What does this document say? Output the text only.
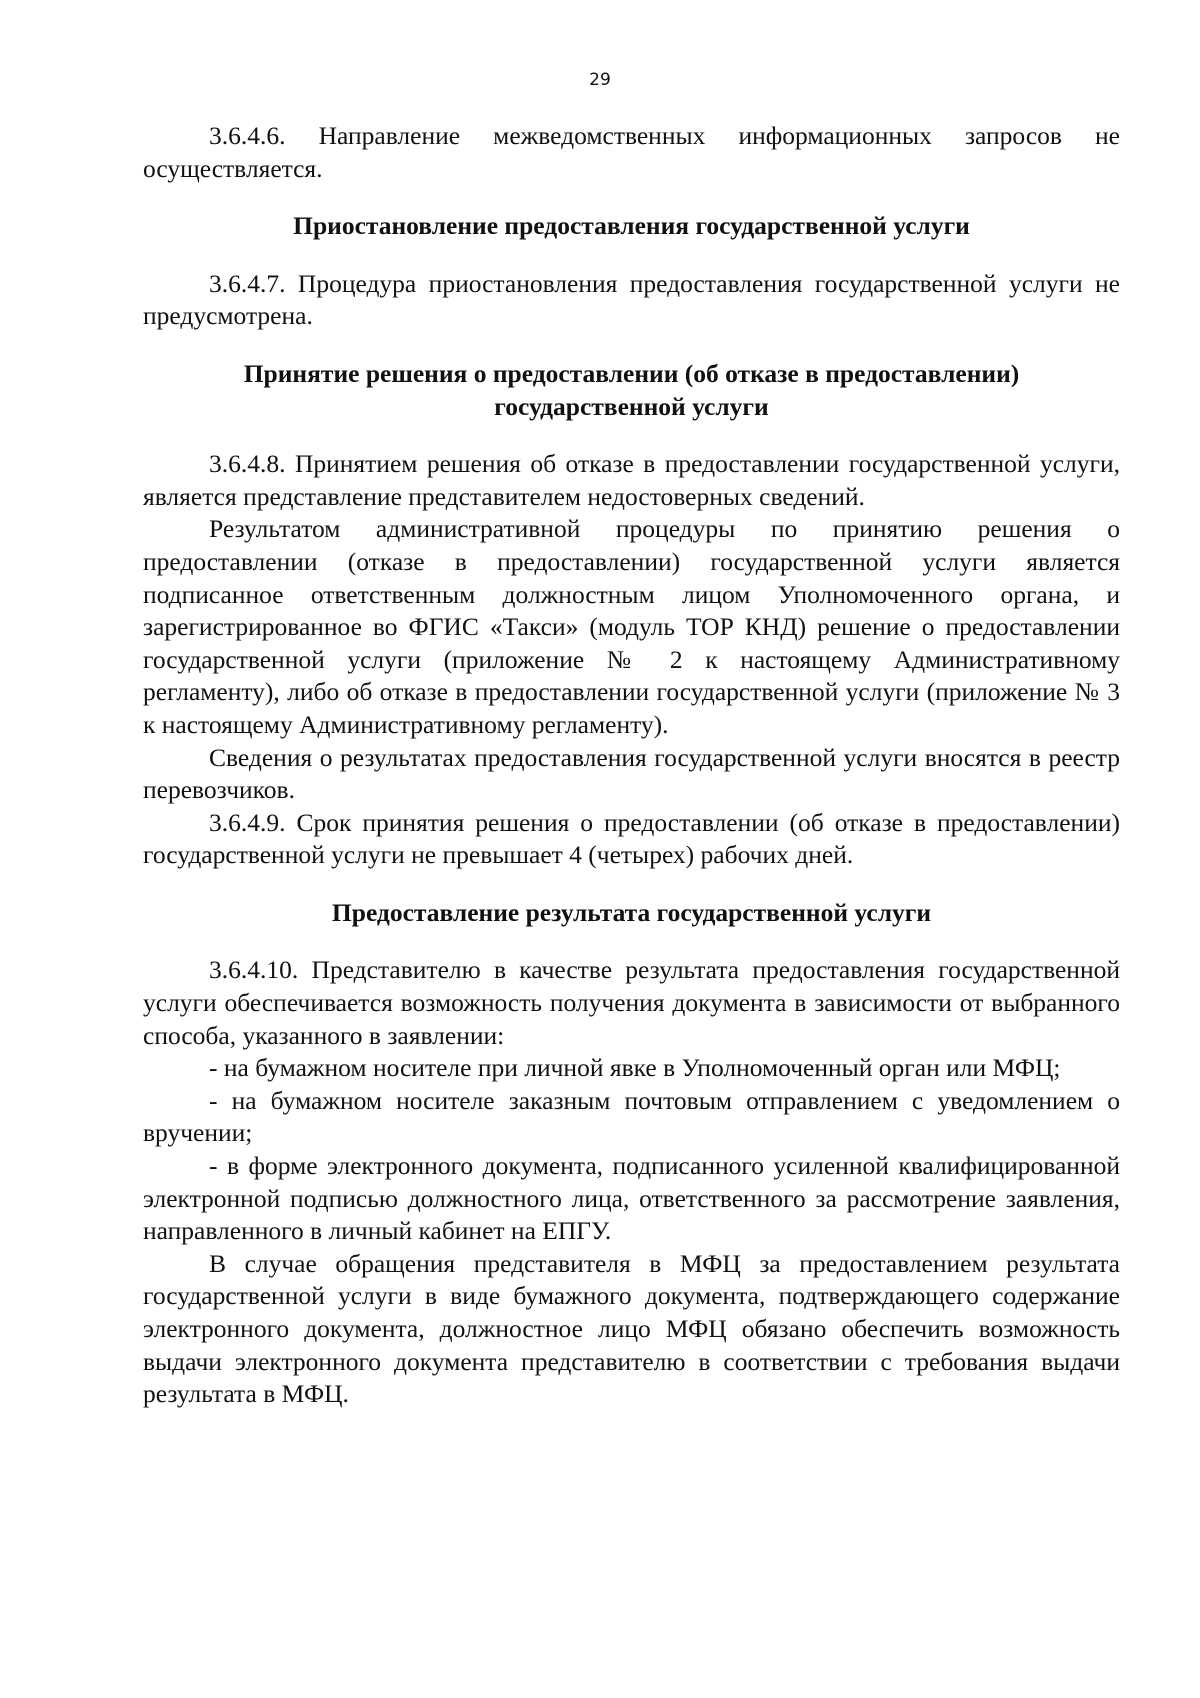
29

3.6.4.6. Направление межведомственных информационных запросов не осуществляется.

Приостановление предоставления государственной услуги

3.6.4.7. Процедура приостановления предоставления государственной услуги не предусмотрена.

Принятие решения о предоставлении (об отказе в предоставлении) государственной услуги

3.6.4.8. Принятием решения об отказе в предоставлении государственной услуги, является представление представителем недостоверных сведений.

Результатом административной процедуры по принятию решения о предоставлении (отказе в предоставлении) государственной услуги является подписанное ответственным должностным лицом Уполномоченного органа, и зарегистрированное во ФГИС «Такси» (модуль ТОР КНД) решение о предоставлении государственной услуги (приложение № 2 к настоящему Административному регламенту), либо об отказе в предоставлении государственной услуги (приложение № 3 к настоящему Административному регламенту).

Сведения о результатах предоставления государственной услуги вносятся в реестр перевозчиков.

3.6.4.9. Срок принятия решения о предоставлении (об отказе в предоставлении) государственной услуги не превышает 4 (четырех) рабочих дней.

Предоставление результата государственной услуги

3.6.4.10. Представителю в качестве результата предоставления государственной услуги обеспечивается возможность получения документа в зависимости от выбранного способа, указанного в заявлении:

- на бумажном носителе при личной явке в Уполномоченный орган или МФЦ;

- на бумажном носителе заказным почтовым отправлением с уведомлением о вручении;

- в форме электронного документа, подписанного усиленной квалифицированной электронной подписью должностного лица, ответственного за рассмотрение заявления, направленного в личный кабинет на ЕПГУ.

В случае обращения представителя в МФЦ за предоставлением результата государственной услуги в виде бумажного документа, подтверждающего содержание электронного документа, должностное лицо МФЦ обязано обеспечить возможность выдачи электронного документа представителю в соответствии с требования выдачи результата в МФЦ.
